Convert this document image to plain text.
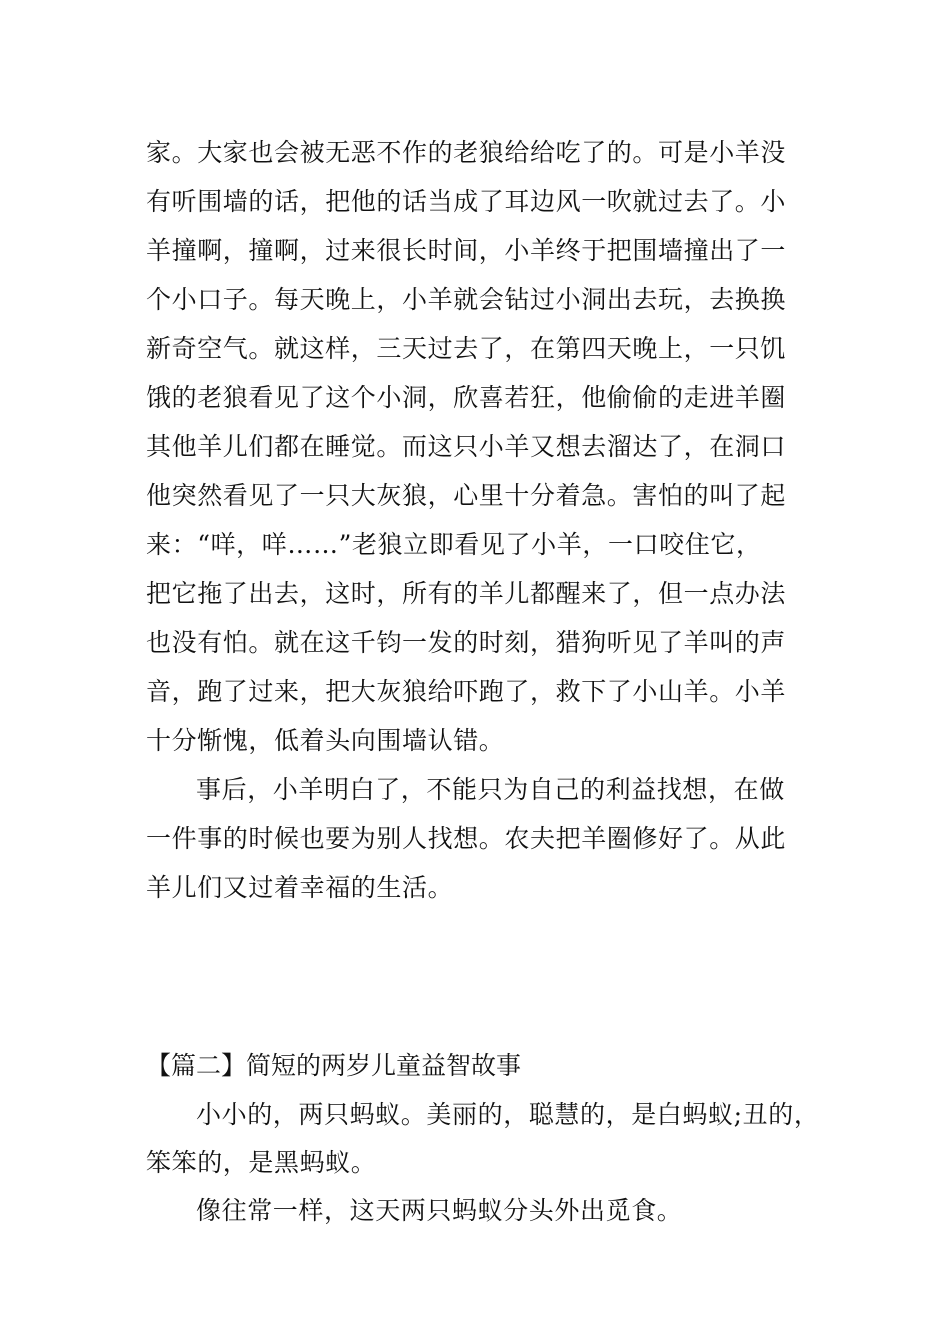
家。大家也会被无恶不作的老狼给给吃了的。可是小羊没
有听围墙的话，把他的话当成了耳边风一吹就过去了。小
羊撞啊，撞啊，过来很长时间，小羊终于把围墙撞出了一
个小口子。每天晚上，小羊就会钻过小洞出去玩，去换换
新奇空气。就这样，三天过去了，在第四天晚上，一只饥
饿的老狼看见了这个小洞，欣喜若狂，他偷偷的走进羊圈
其他羊儿们都在睡觉。而这只小羊又想去溜达了，在洞口
他突然看见了一只大灰狼，心里十分着急。害怕的叫了起
来：“咩，咩……”老狼立即看见了小羊，一口咬住它，
把它拖了出去，这时，所有的羊儿都醒来了，但一点办法
也没有怕。就在这千钧一发的时刻，猎狗听见了羊叫的声
音，跑了过来，把大灰狼给吓跑了，救下了小山羊。小羊
十分惭愧，低着头向围墙认错。
事后，小羊明白了，不能只为自己的利益找想，在做
一件事的时候也要为别人找想。农夫把羊圈修好了。从此
羊儿们又过着幸福的生活。
【篇二】简短的两岁儿童益智故事
小小的，两只蚂蚁。美丽的，聪慧的，是白蚂蚁;丑的，
笨笨的，是黑蚂蚁。
像往常一样，这天两只蚂蚁分头外出觅食。
